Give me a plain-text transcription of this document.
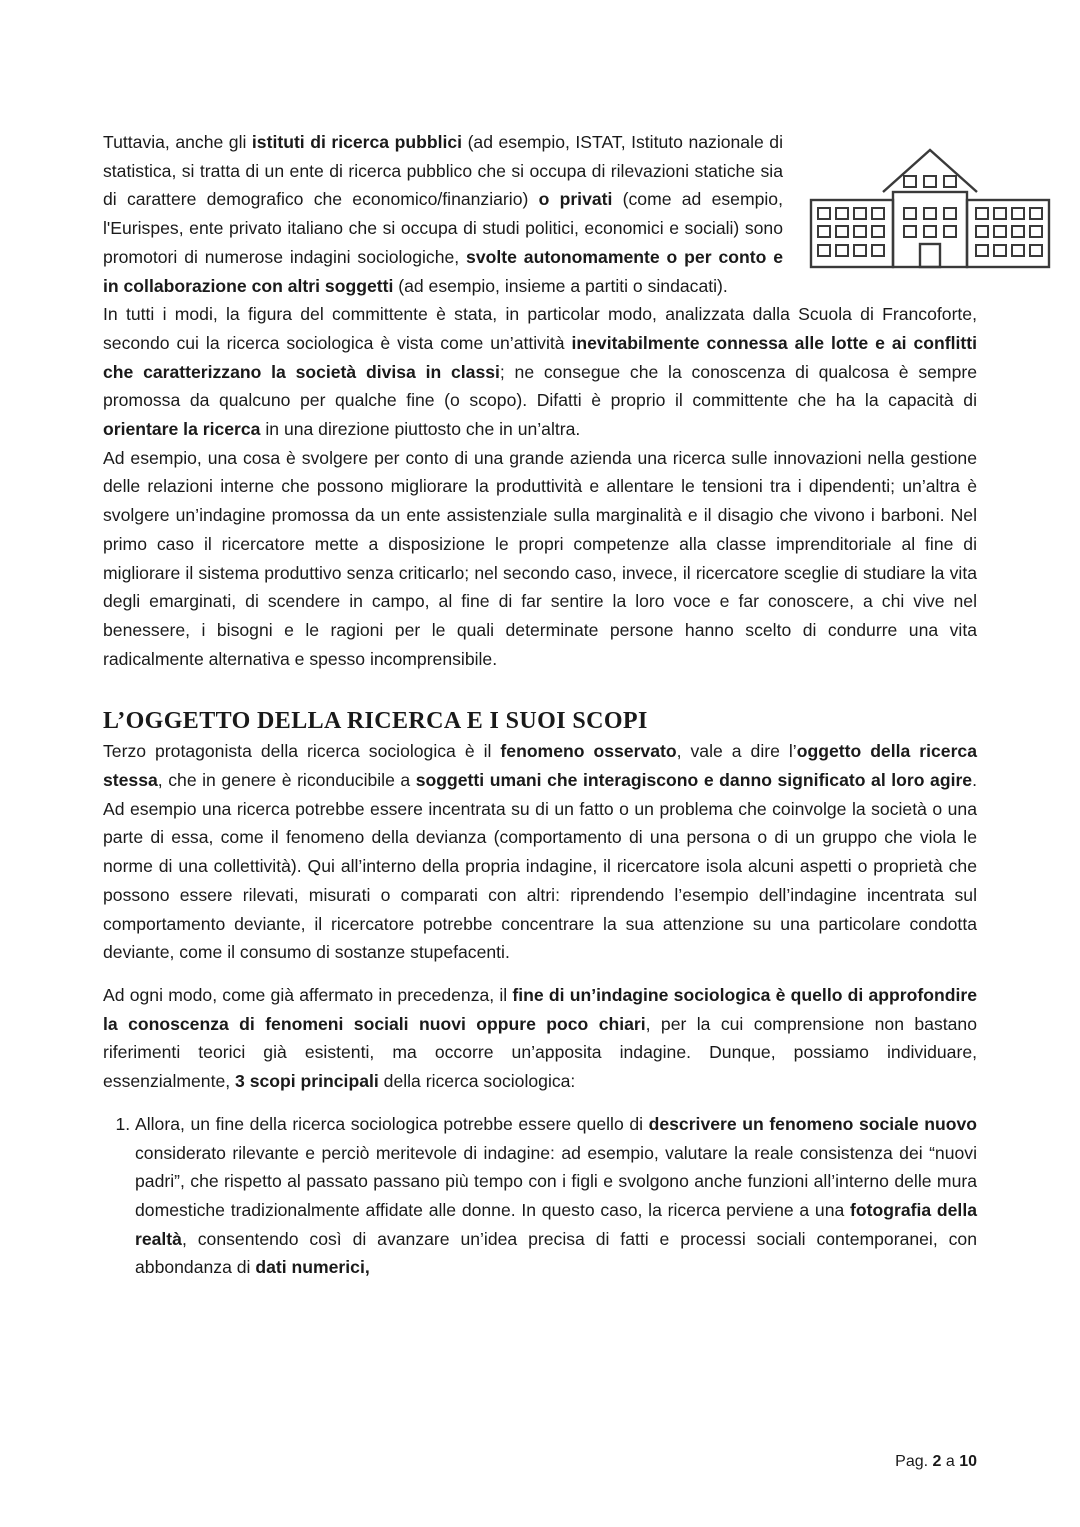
Tuttavia, anche gli istituti di ricerca pubblici (ad esempio, ISTAT, Istituto nazionale di statistica, si tratta di un ente di ricerca pubblico che si occupa di rilevazioni statiche sia di carattere demografico che economico/finanziario) o privati (come ad esempio, l'Eurispes, ente privato italiano che si occupa di studi politici, economici e sociali) sono promotori di numerose indagini sociologiche, svolte autonomamente o per conto e in collaborazione con altri soggetti (ad esempio, insieme a partiti o sindacati).

In tutti i modi, la figura del committente è stata, in particolar modo, analizzata dalla Scuola di Francoforte, secondo cui la ricerca sociologica è vista come un’attività inevitabilmente connessa alle lotte e ai conflitti che caratterizzano la società divisa in classi; ne consegue che la conoscenza di qualcosa è sempre promossa da qualcuno per qualche fine (o scopo). Difatti è proprio il committente che ha la capacità di orientare la ricerca in una direzione piuttosto che in un’altra.

Ad esempio, una cosa è svolgere per conto di una grande azienda una ricerca sulle innovazioni nella gestione delle relazioni interne che possono migliorare la produttività e allentare le tensioni tra i dipendenti; un’altra è svolgere un’indagine promossa da un ente assistenziale sulla marginalità e il disagio che vivono i barboni. Nel primo caso il ricercatore mette a disposizione le propri competenze alla classe imprenditoriale al fine di migliorare il sistema produttivo senza criticarlo; nel secondo caso, invece, il ricercatore sceglie di studiare la vita degli emarginati, di scendere in campo, al fine di far sentire la loro voce e far conoscere, a chi vive nel benessere, i bisogni e le ragioni per le quali determinate persone hanno scelto di condurre una vita radicalmente alternativa e spesso incomprensibile.

L’OGGETTO DELLA RICERCA E I SUOI SCOPI

Terzo protagonista della ricerca sociologica è il fenomeno osservato, vale a dire l’oggetto della ricerca stessa, che in genere è riconducibile a soggetti umani che interagiscono e danno significato al loro agire. Ad esempio una ricerca potrebbe essere incentrata su di un fatto o un problema che coinvolge la società o una parte di essa, come il fenomeno della devianza (comportamento di una persona o di un gruppo che viola le norme di una collettività). Qui all’interno della propria indagine, il ricercatore isola alcuni aspetti o proprietà che possono essere rilevati, misurati o comparati con altri: riprendendo l’esempio dell’indagine incentrata sul comportamento deviante, il ricercatore potrebbe concentrare la sua attenzione su una particolare condotta deviante, come il consumo di sostanze stupefacenti.

Ad ogni modo, come già affermato in precedenza, il fine di un’indagine sociologica è quello di approfondire la conoscenza di fenomeni sociali nuovi oppure poco chiari, per la cui comprensione non bastano riferimenti teorici già esistenti, ma occorre un’apposita indagine. Dunque, possiamo individuare, essenzialmente, 3 scopi principali della ricerca sociologica:

1. Allora, un fine della ricerca sociologica potrebbe essere quello di descrivere un fenomeno sociale nuovo considerato rilevante e perciò meritevole di indagine: ad esempio, valutare la reale consistenza dei “nuovi padri”, che rispetto al passato passano più tempo con i figli e svolgono anche funzioni all’interno delle mura domestiche tradizionalmente affidate alle donne. In questo caso, la ricerca perviene a una fotografia della realtà, consentendo così di avanzare un’idea precisa di fatti e processi sociali contemporanei, con abbondanza di dati numerici,
Pag. 2 a 10
